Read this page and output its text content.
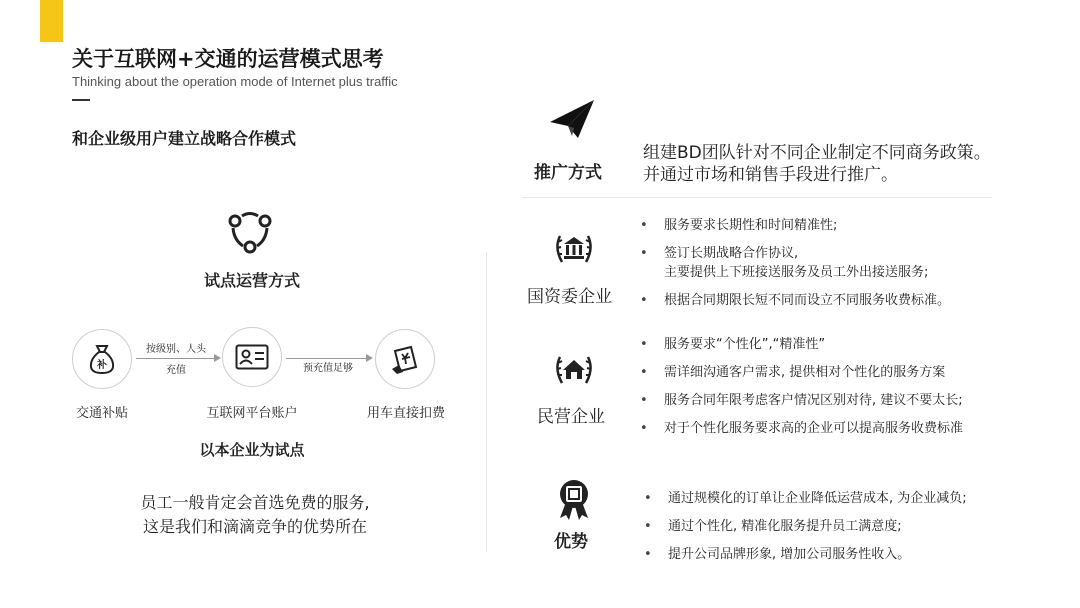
关于互联网+交通的运营模式思考
Thinking about the operation mode of Internet plus traffic
和企业级用户建立战略合作模式
试点运营方式
补
交通补贴	互联网平台账户	用车直接扣费
按级别、人头
充值	预充值足够
以本企业为试点
员工一般肯定会首选免费的服务,
这是我们和滴滴竞争的优势所在
推广方式
组建BD团队针对不同企业制定不同商务政策。
并通过市场和销售手段进行推广。
国资委企业
民营企业
优势
• 服务要求长期性和时间精准性;
• 签订长期战略合作协议,
主要提供上下班接送服务及员工外出接送服务;
• 根据合同期限长短不同而设立不同服务收费标准。
• 服务要求“个性化”,“精准性”
• 需详细沟通客户需求, 提供相对个性化的服务方案
• 服务合同年限考虑客户情况区别对待, 建议不要太长;
• 对于个性化服务要求高的企业可以提高服务收费标准
• 通过规模化的订单让企业降低运营成本, 为企业减负;
• 通过个性化, 精准化服务提升员工满意度;
• 提升公司品牌形象, 增加公司服务性收入。
